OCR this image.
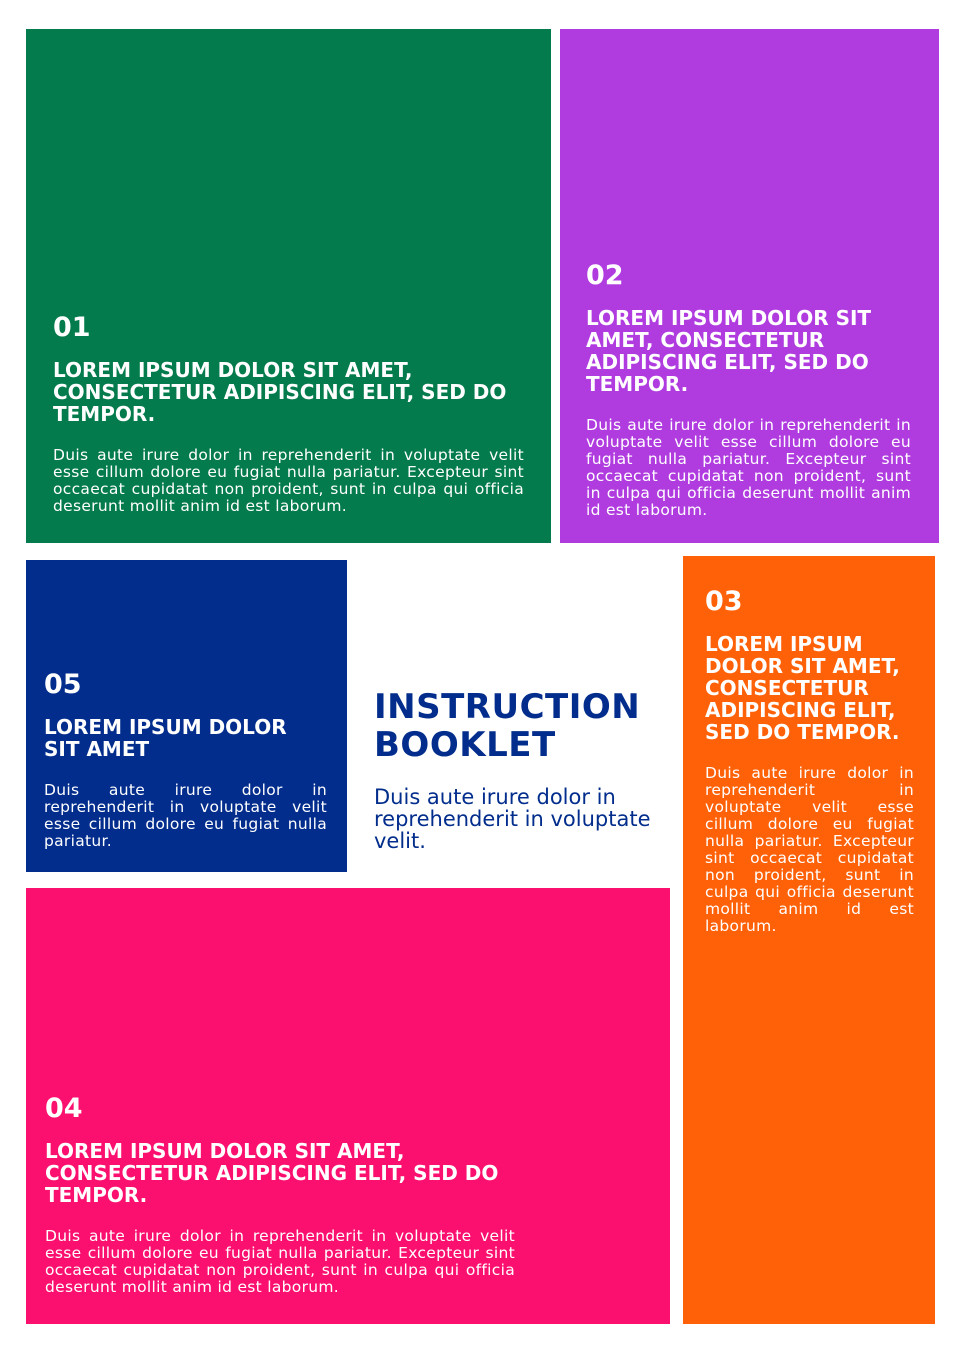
01
LOREM IPSUM DOLOR SIT AMET, CONSECTETUR ADIPISCING ELIT, SED DO TEMPOR.

Duis aute irure dolor in reprehenderit in voluptate velit esse cillum dolore eu fugiat nulla pariatur. Excepteur sint occaecat cupidatat non proident, sunt in culpa qui officia deserunt mollit anim id est laborum.

02
LOREM IPSUM DOLOR SIT AMET, CONSECTETUR ADIPISCING ELIT, SED DO TEMPOR.

Duis aute irure dolor in reprehenderit in voluptate velit esse cillum dolore eu fugiat nulla pariatur. Excepteur sint occaecat cupidatat non proident, sunt in culpa qui officia deserunt mollit anim id est laborum.

05
LOREM IPSUM DOLOR SIT AMET

Duis aute irure dolor in reprehenderit in voluptate velit esse cillum dolore eu fugiat nulla pariatur.

INSTRUCTION
BOOKLET

Duis aute irure dolor in reprehenderit in voluptate velit.

03
LOREM IPSUM DOLOR SIT AMET, CONSECTETUR ADIPISCING ELIT, SED DO TEMPOR.

Duis aute irure dolor in reprehenderit in voluptate velit esse cillum dolore eu fugiat nulla pariatur. Excepteur sint occaecat cupidatat non proident, sunt in culpa qui officia deserunt mollit anim id est laborum.

04
LOREM IPSUM DOLOR SIT AMET, CONSECTETUR ADIPISCING ELIT, SED DO TEMPOR.

Duis aute irure dolor in reprehenderit in voluptate velit esse cillum dolore eu fugiat nulla pariatur. Excepteur sint occaecat cupidatat non proident, sunt in culpa qui officia deserunt mollit anim id est laborum.
